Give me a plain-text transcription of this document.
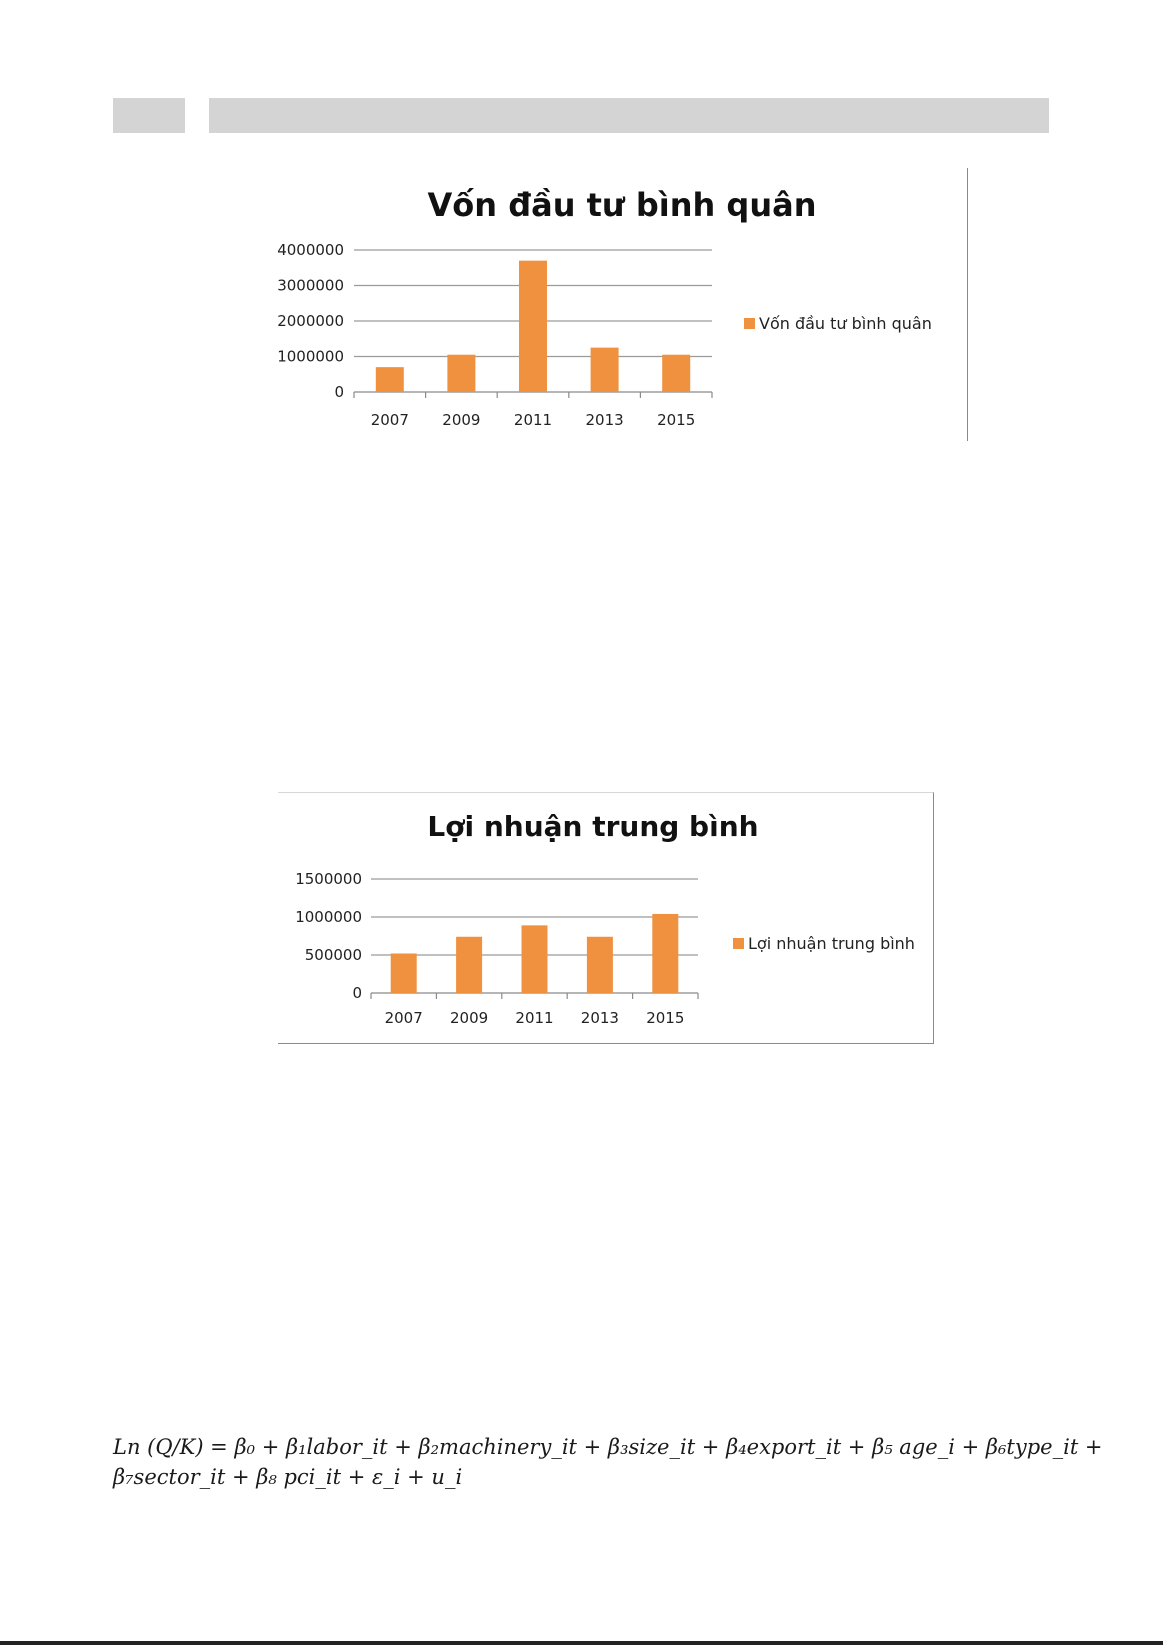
Vốn đầu tư bình quân
0
1000000
2000000
3000000
4000000
2007 2009 2011 2013 2015
Vốn đầu tư bình quân
Lợi nhuận trung bình
0
500000
1000000
1500000
2007 2009 2011 2013 2015
Lợi nhuận trung bình
Ln (Q/K) = β₀ + β₁labor_it + β₂machinery_it + β₃size_it + β₄export_it + β₅ age_i + β₆type_it +
β₇sector_it + β₈ pci_it + ε_i + u_i
